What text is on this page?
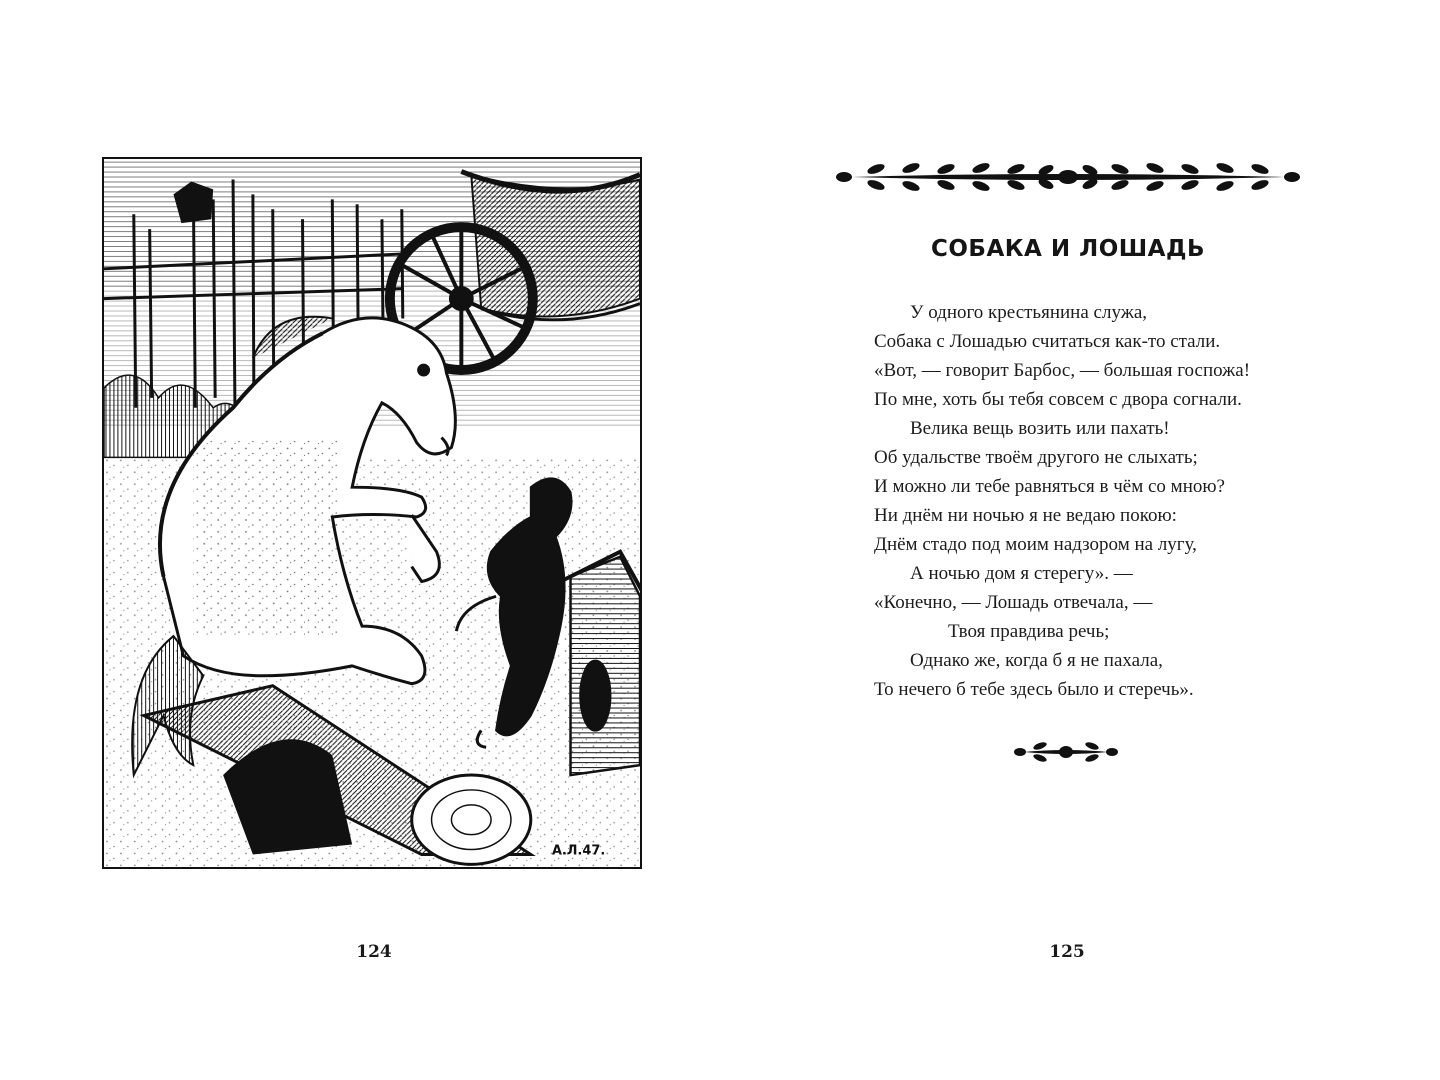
А.Л.47.
124
СОБАКА И ЛОШАДЬ
У одного крестьянина служа,
Собака с Лошадью считаться как-то стали.
«Вот, — говорит Барбос, — большая госпожа!
По мне, хоть бы тебя совсем с двора согнали.
Велика вещь возить или пахать!
Об удальстве твоём другого не слыхать;
И можно ли тебе равняться в чём со мною?
Ни днём ни ночью я не ведаю покою:
Днём стадо под моим надзором на лугу,
А ночью дом я стерегу». —
«Конечно, — Лошадь отвечала, —
Твоя правдива речь;
Однако же, когда б я не пахала,
То нечего б тебе здесь было и стеречь».
125
